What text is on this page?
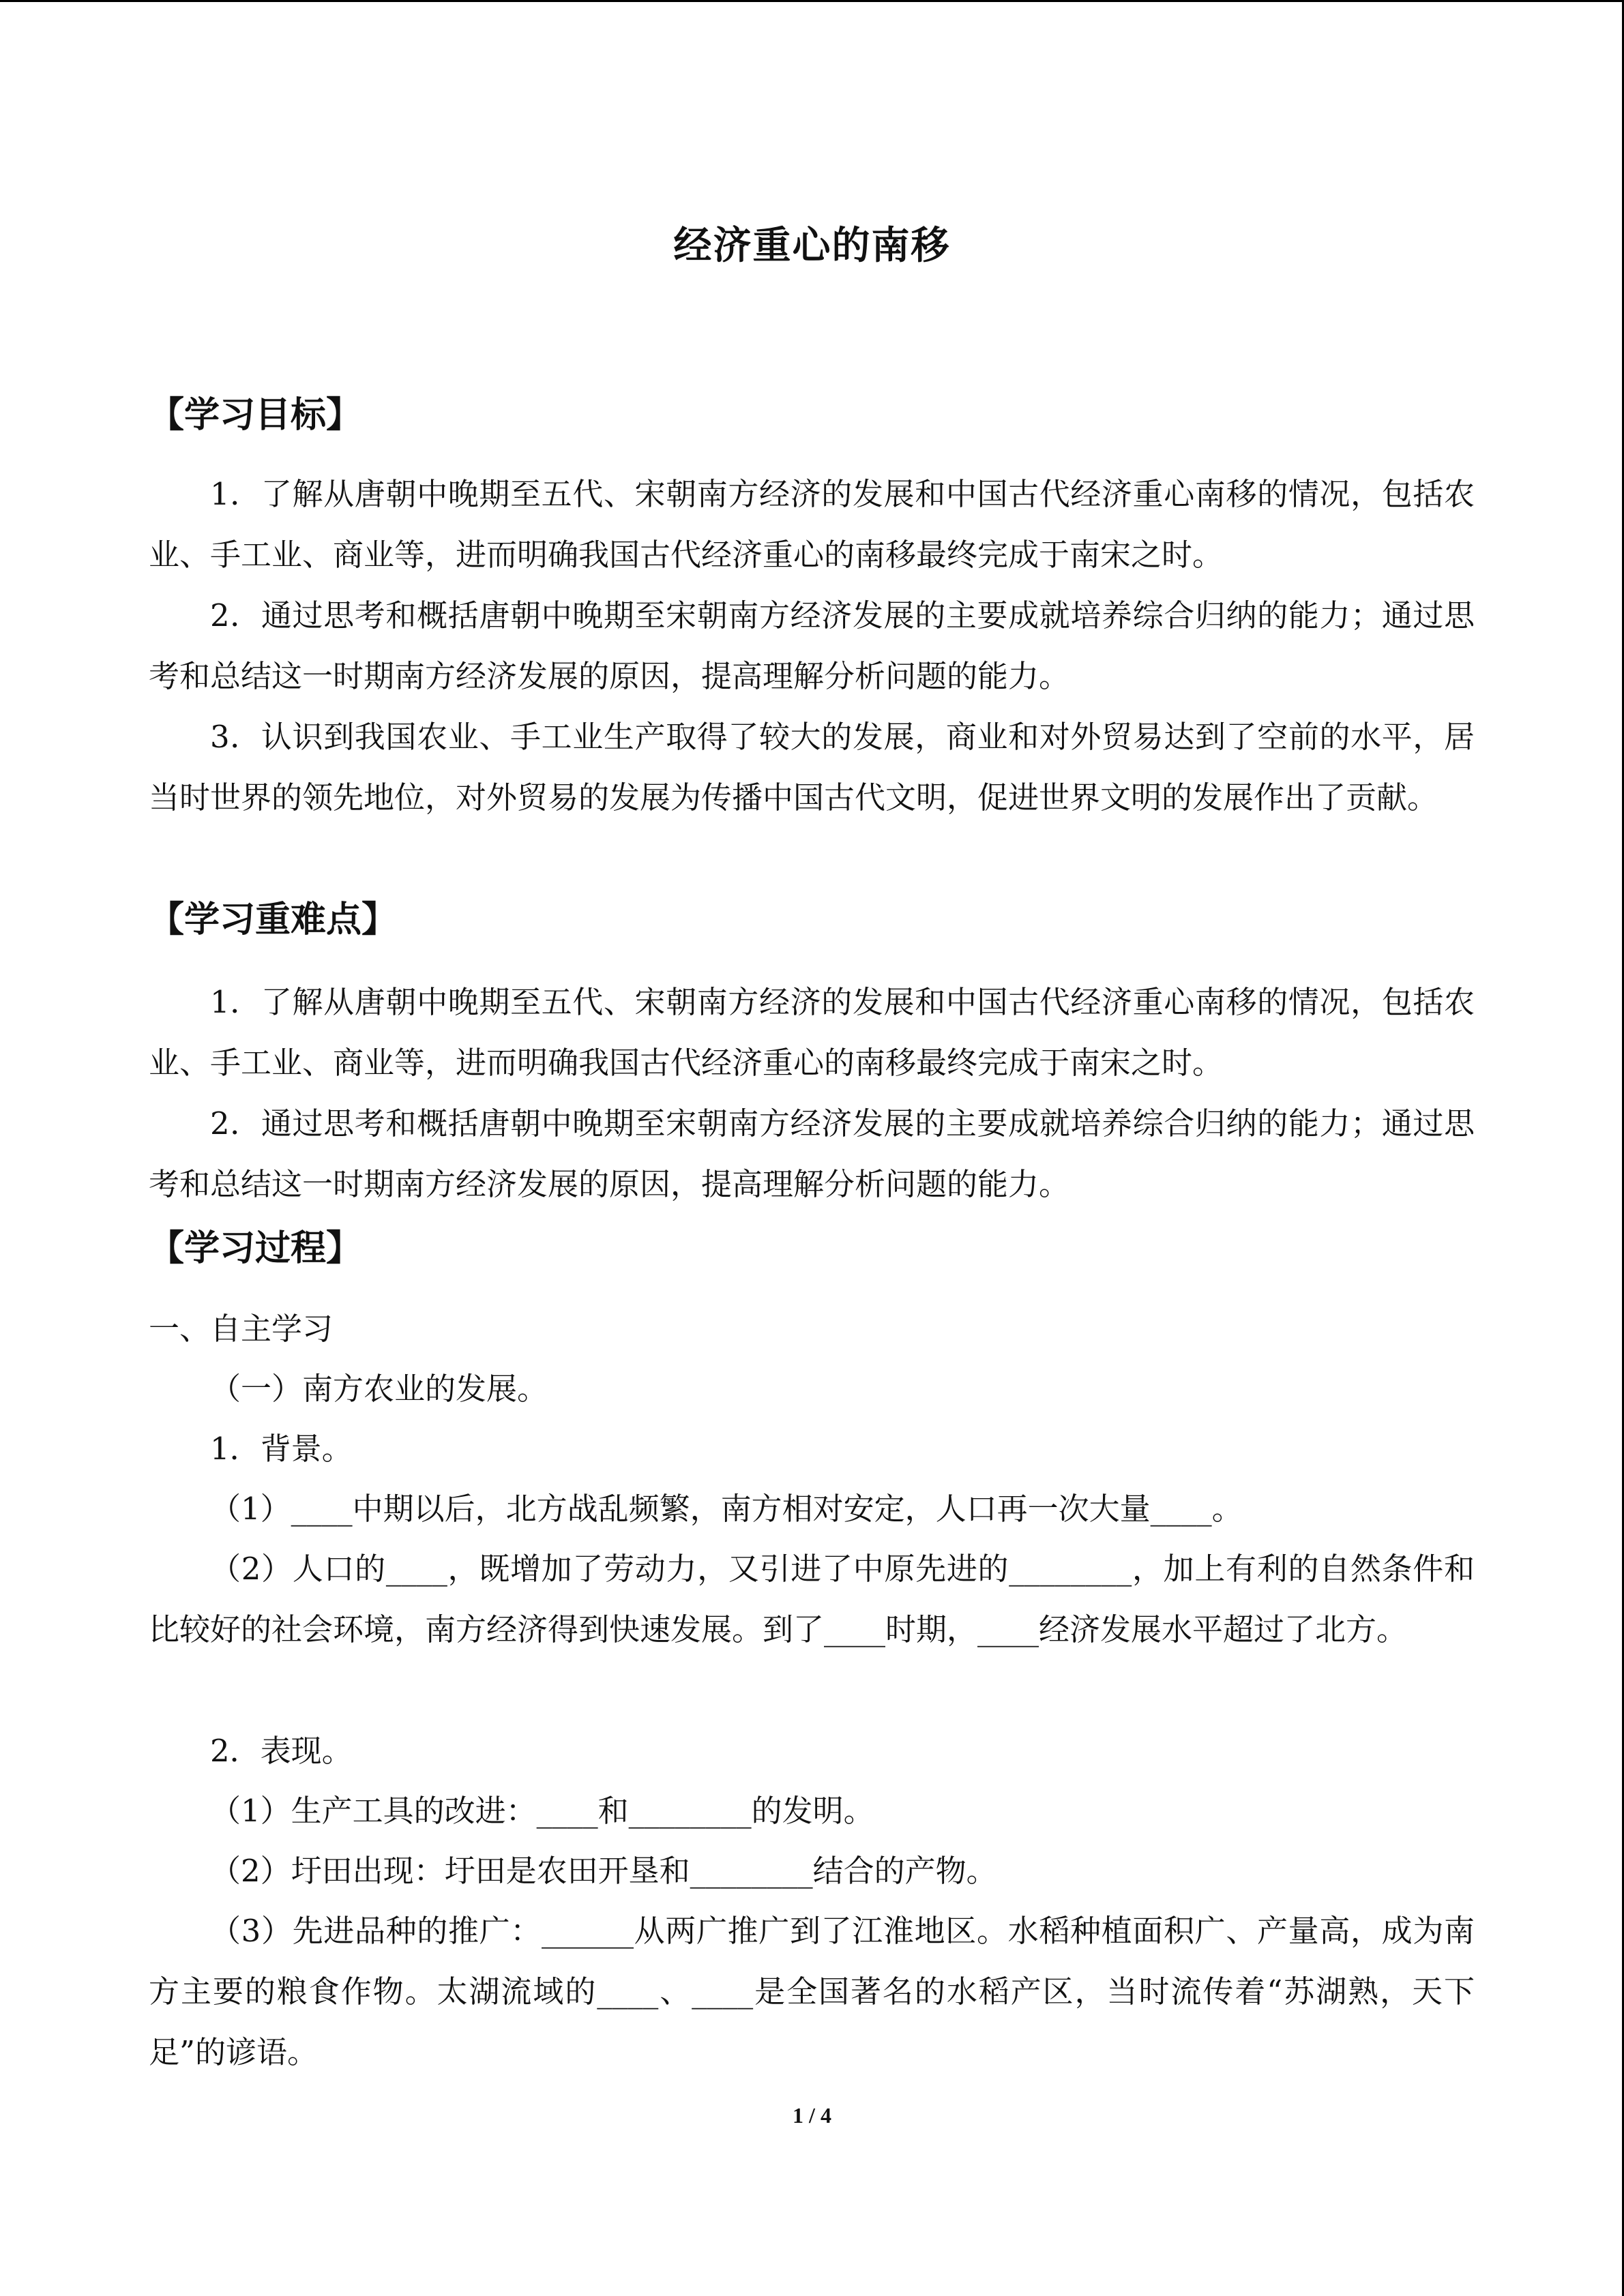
经济重心的南移
【学习目标】
1．了解从唐朝中晚期至五代、宋朝南方经济的发展和中国古代经济重心南移的情况，包括农业、手工业、商业等，进而明确我国古代经济重心的南移最终完成于南宋之时。
2．通过思考和概括唐朝中晚期至宋朝南方经济发展的主要成就培养综合归纳的能力；通过思考和总结这一时期南方经济发展的原因，提高理解分析问题的能力。
3．认识到我国农业、手工业生产取得了较大的发展，商业和对外贸易达到了空前的水平，居当时世界的领先地位，对外贸易的发展为传播中国古代文明，促进世界文明的发展作出了贡献。
【学习重难点】
1．了解从唐朝中晚期至五代、宋朝南方经济的发展和中国古代经济重心南移的情况，包括农业、手工业、商业等，进而明确我国古代经济重心的南移最终完成于南宋之时。
2．通过思考和概括唐朝中晚期至宋朝南方经济发展的主要成就培养综合归纳的能力；通过思考和总结这一时期南方经济发展的原因，提高理解分析问题的能力。
【学习过程】
一、自主学习
（一）南方农业的发展。
1．背景。
（1）____中期以后，北方战乱频繁，南方相对安定，人口再一次大量____。
（2）人口的____，既增加了劳动力，又引进了中原先进的________，加上有利的自然条件和比较好的社会环境，南方经济得到快速发展。到了____时期，____经济发展水平超过了北方。
2．表现。
（1）生产工具的改进：____和________的发明。
（2）圩田出现：圩田是农田开垦和________结合的产物。
（3）先进品种的推广：______从两广推广到了江淮地区。水稻种植面积广、产量高，成为南方主要的粮食作物。太湖流域的____、____是全国著名的水稻产区，当时流传着“苏湖熟，天下足”的谚语。
1 / 4
